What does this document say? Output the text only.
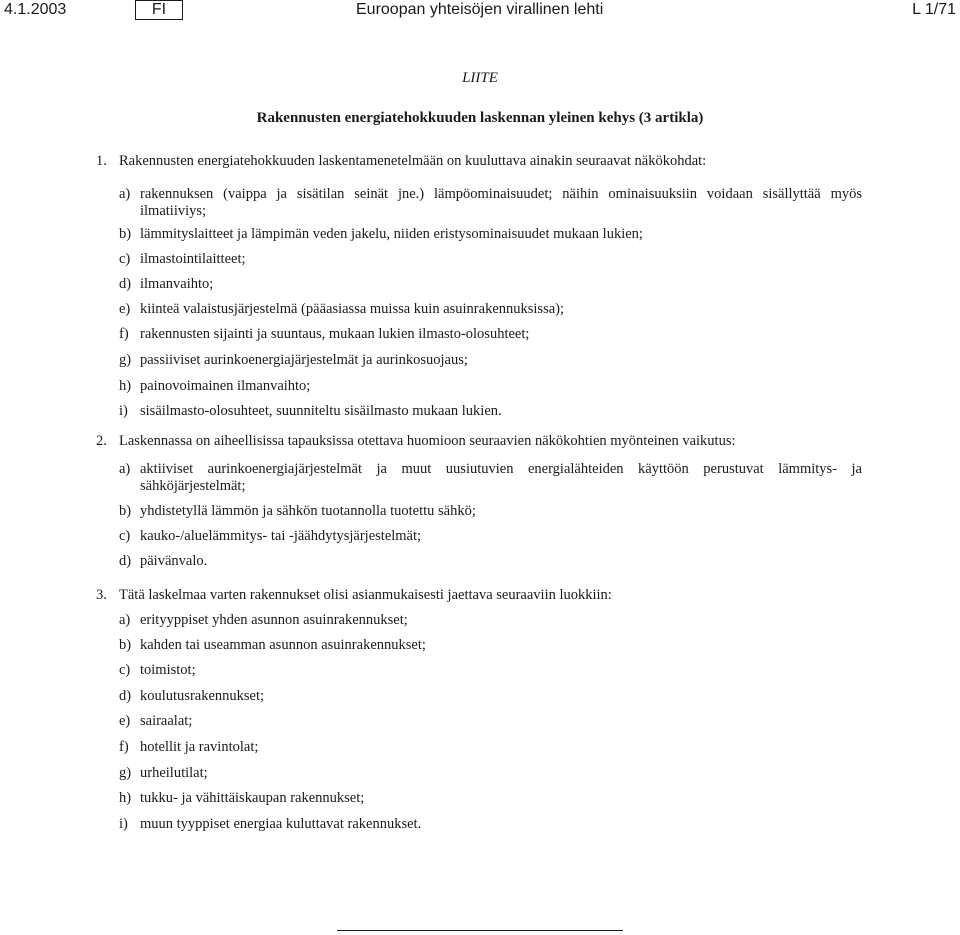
4.1.2003	FI	Euroopan yhteisöjen virallinen lehti	L 1/71
LIITE
Rakennusten energiatehokkuuden laskennan yleinen kehys (3 artikla)
1. Rakennusten energiatehokkuuden laskentamenetelmään on kuuluttava ainakin seuraavat näkökohdat:
a) rakennuksen (vaippa ja sisätilan seinät jne.) lämpöominaisuudet; näihin ominaisuuksiin voidaan sisällyttää myös
ilmatiiviys;
b) lämmityslaitteet ja lämpimän veden jakelu, niiden eristysominaisuudet mukaan lukien;
c) ilmastointilaitteet;
d) ilmanvaihto;
e) kiinteä valaistusjärjestelmä (pääasiassa muissa kuin asuinrakennuksissa);
f) rakennusten sijainti ja suuntaus, mukaan lukien ilmasto-olosuhteet;
g) passiiviset aurinkoenergiajärjestelmät ja aurinkosuojaus;
h) painovoimainen ilmanvaihto;
i) sisäilmasto-olosuhteet, suunniteltu sisäilmasto mukaan lukien.
2. Laskennassa on aiheellisissa tapauksissa otettava huomioon seuraavien näkökohtien myönteinen vaikutus:
a) aktiiviset aurinkoenergiajärjestelmät ja muut uusiutuvien energialähteiden käyttöön perustuvat lämmitys- ja
sähköjärjestelmät;
b) yhdistetyllä lämmön ja sähkön tuotannolla tuotettu sähkö;
c) kauko-/aluelämmitys- tai -jäähdytysjärjestelmät;
d) päivänvalo.
3. Tätä laskelmaa varten rakennukset olisi asianmukaisesti jaettava seuraaviin luokkiin:
a) erityyppiset yhden asunnon asuinrakennukset;
b) kahden tai useamman asunnon asuinrakennukset;
c) toimistot;
d) koulutusrakennukset;
e) sairaalat;
f) hotellit ja ravintolat;
g) urheilutilat;
h) tukku- ja vähittäiskaupan rakennukset;
i) muun tyyppiset energiaa kuluttavat rakennukset.
